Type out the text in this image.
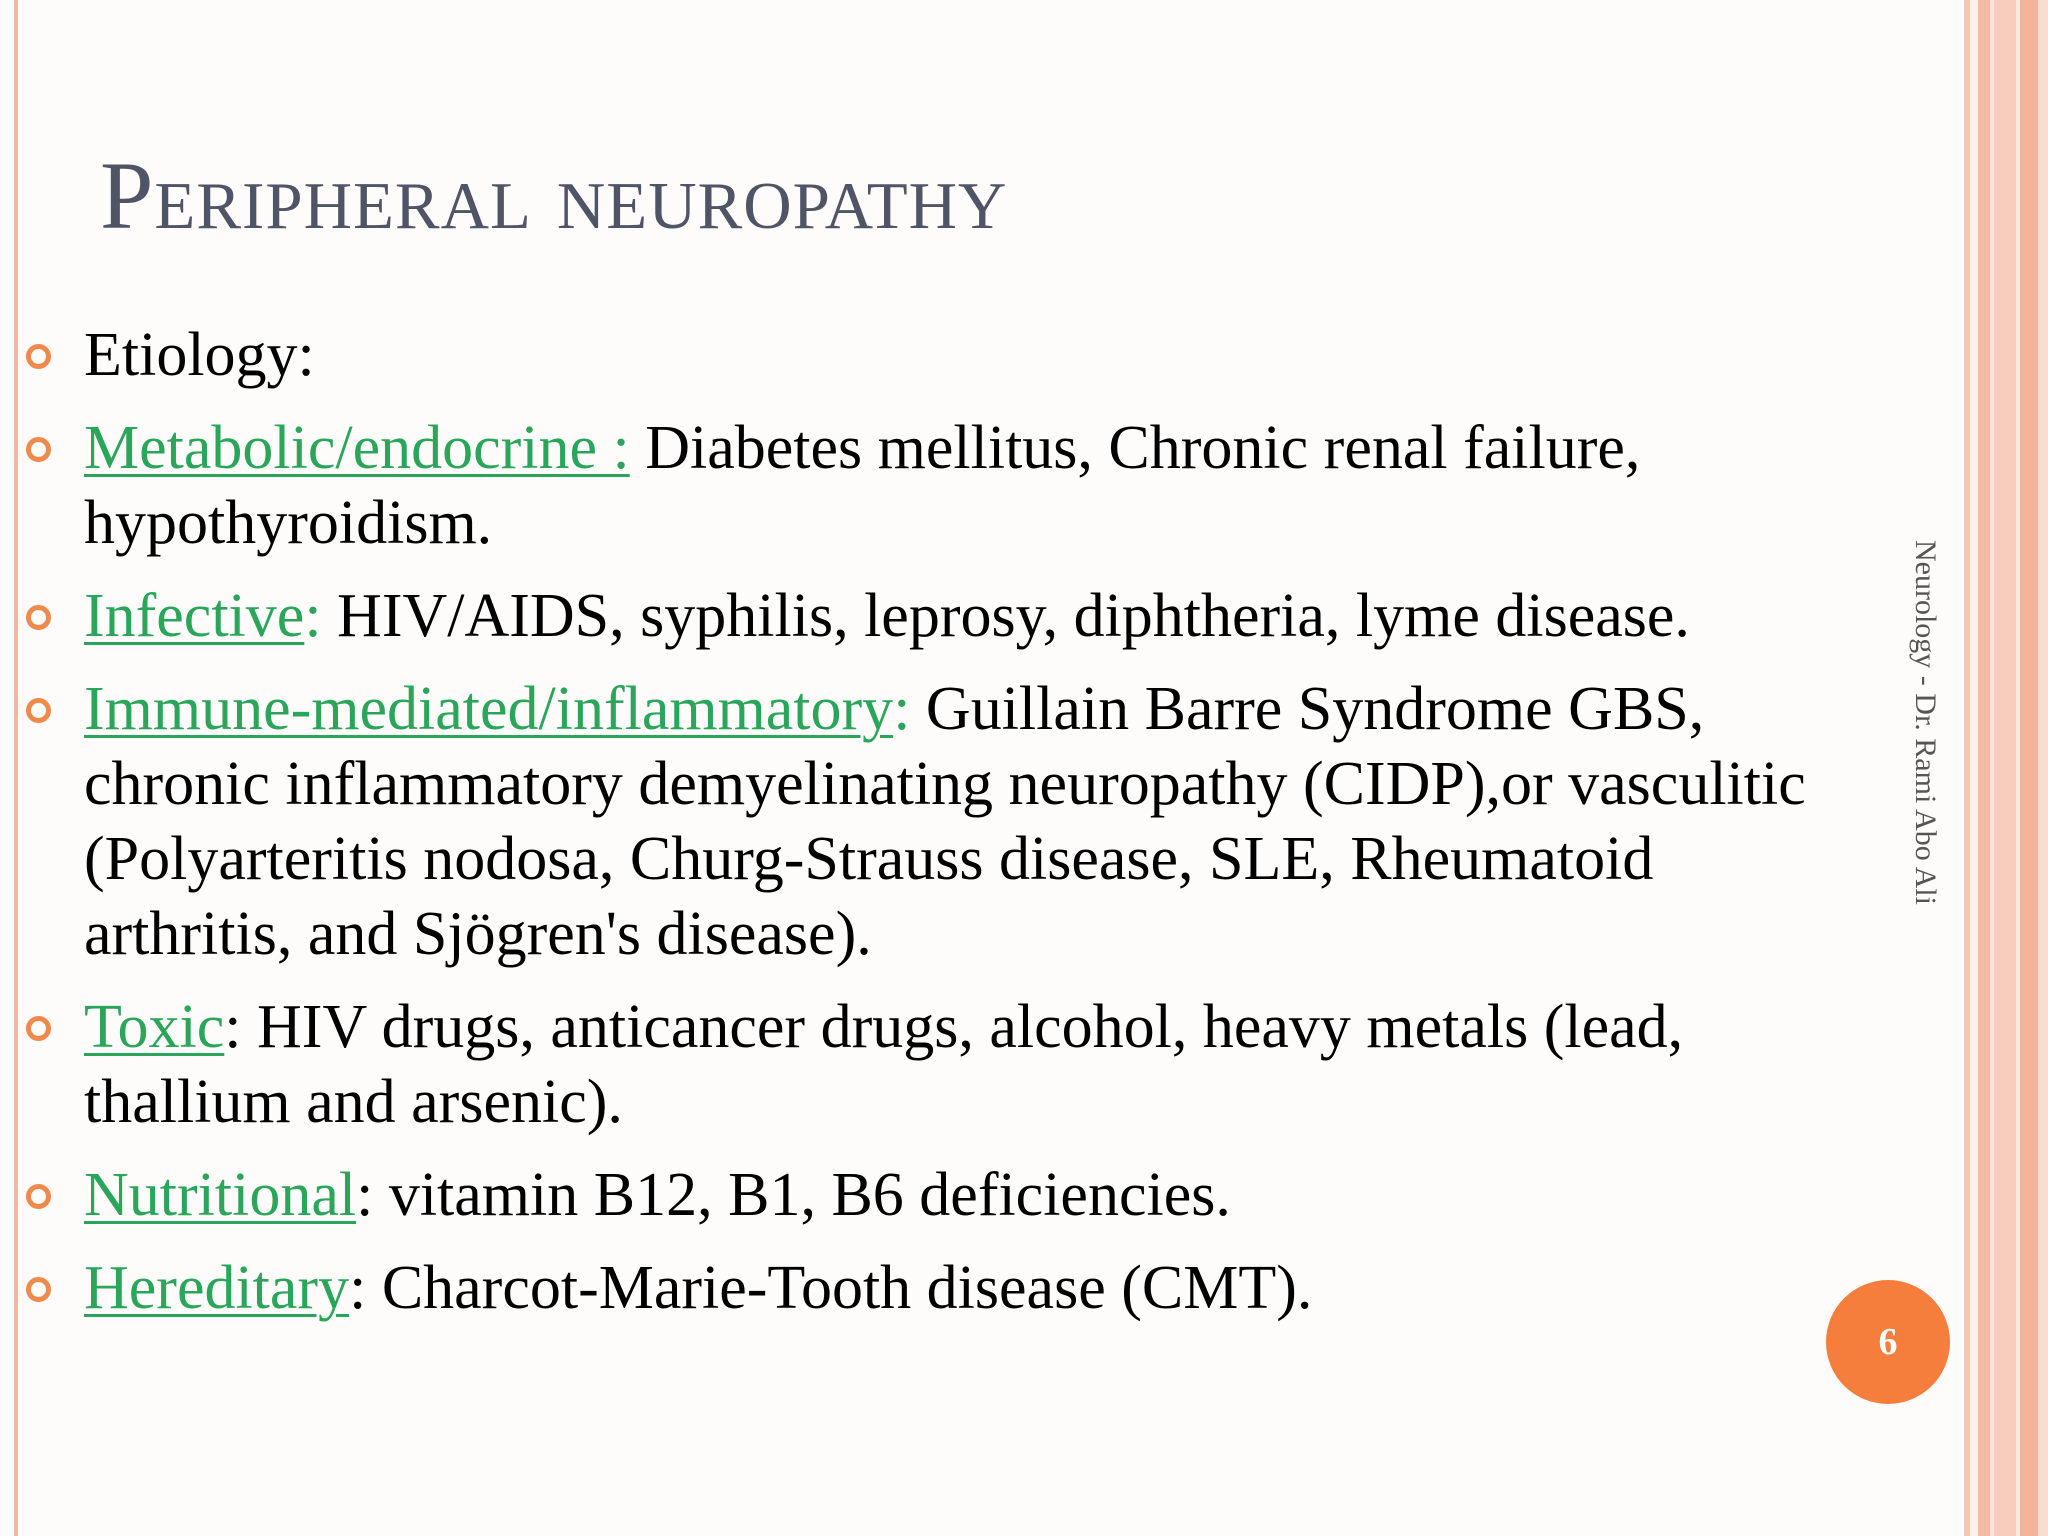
Peripheral neuropathy
Etiology:
Metabolic/endocrine : Diabetes mellitus, Chronic renal failure, hypothyroidism.
Infective: HIV/AIDS, syphilis, leprosy, diphtheria, lyme disease.
Immune-mediated/inflammatory: Guillain Barre Syndrome GBS, chronic inflammatory demyelinating neuropathy (CIDP),or vasculitic (Polyarteritis nodosa, Churg-Strauss disease, SLE, Rheumatoid arthritis, and Sjögren's disease).
Toxic: HIV drugs, anticancer drugs, alcohol, heavy metals (lead, thallium and arsenic).
Nutritional: vitamin B12, B1, B6 deficiencies.
Hereditary: Charcot-Marie-Tooth disease (CMT).
Neurology - Dr. Rami Abo Ali
6
